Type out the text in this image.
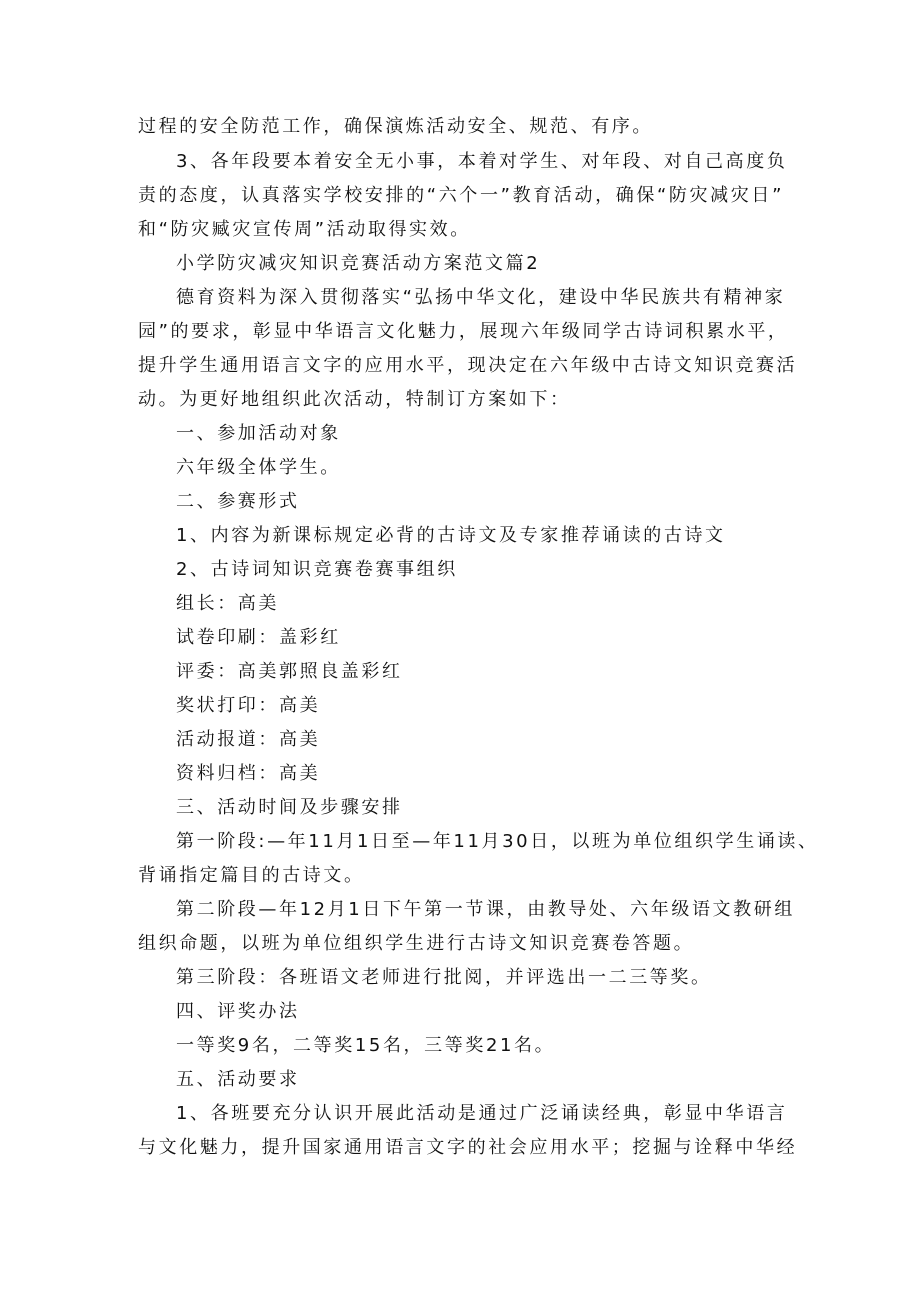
过程的安全防范工作，确保演炼活动安全、规范、有序。
3、各年段要本着安全无小事，本着对学生、对年段、对自己高度负
责的态度，认真落实学校安排的“六个一”教育活动，确保“防灾减灾日”
和“防灾臧灾宣传周”活动取得实效。
小学防灾减灾知识竞赛活动方案范文篇2
德育资料为深入贯彻落实“弘扬中华文化，建设中华民族共有精神家
园”的要求，彰显中华语言文化魅力，展现六年级同学古诗词积累水平，
提升学生通用语言文字的应用水平，现决定在六年级中古诗文知识竞赛活
动。为更好地组织此次活动，特制订方案如下：
一、参加活动对象
六年级全体学生。
二、参赛形式
1、内容为新课标规定必背的古诗文及专家推荐诵读的古诗文
2、古诗词知识竞赛卷赛事组织
组长：高美
试卷印刷：盖彩红
评委：高美郭照良盖彩红
奖状打印：高美
活动报道：高美
资料归档：高美
三、活动时间及步骤安排
第一阶段:—年11月1日至—年11月30日，以班为单位组织学生诵读、
背诵指定篇目的古诗文。
第二阶段—年12月1日下午第一节课，由教导处、六年级语文教研组
组织命题，以班为单位组织学生进行古诗文知识竞赛卷答题。
第三阶段：各班语文老师进行批阅，并评选出一二三等奖。
四、评奖办法
一等奖9名，二等奖15名，三等奖21名。
五、活动要求
1、各班要充分认识开展此活动是通过广泛诵读经典，彰显中华语言
与文化魅力，提升国家通用语言文字的社会应用水平；挖掘与诠释中华经
